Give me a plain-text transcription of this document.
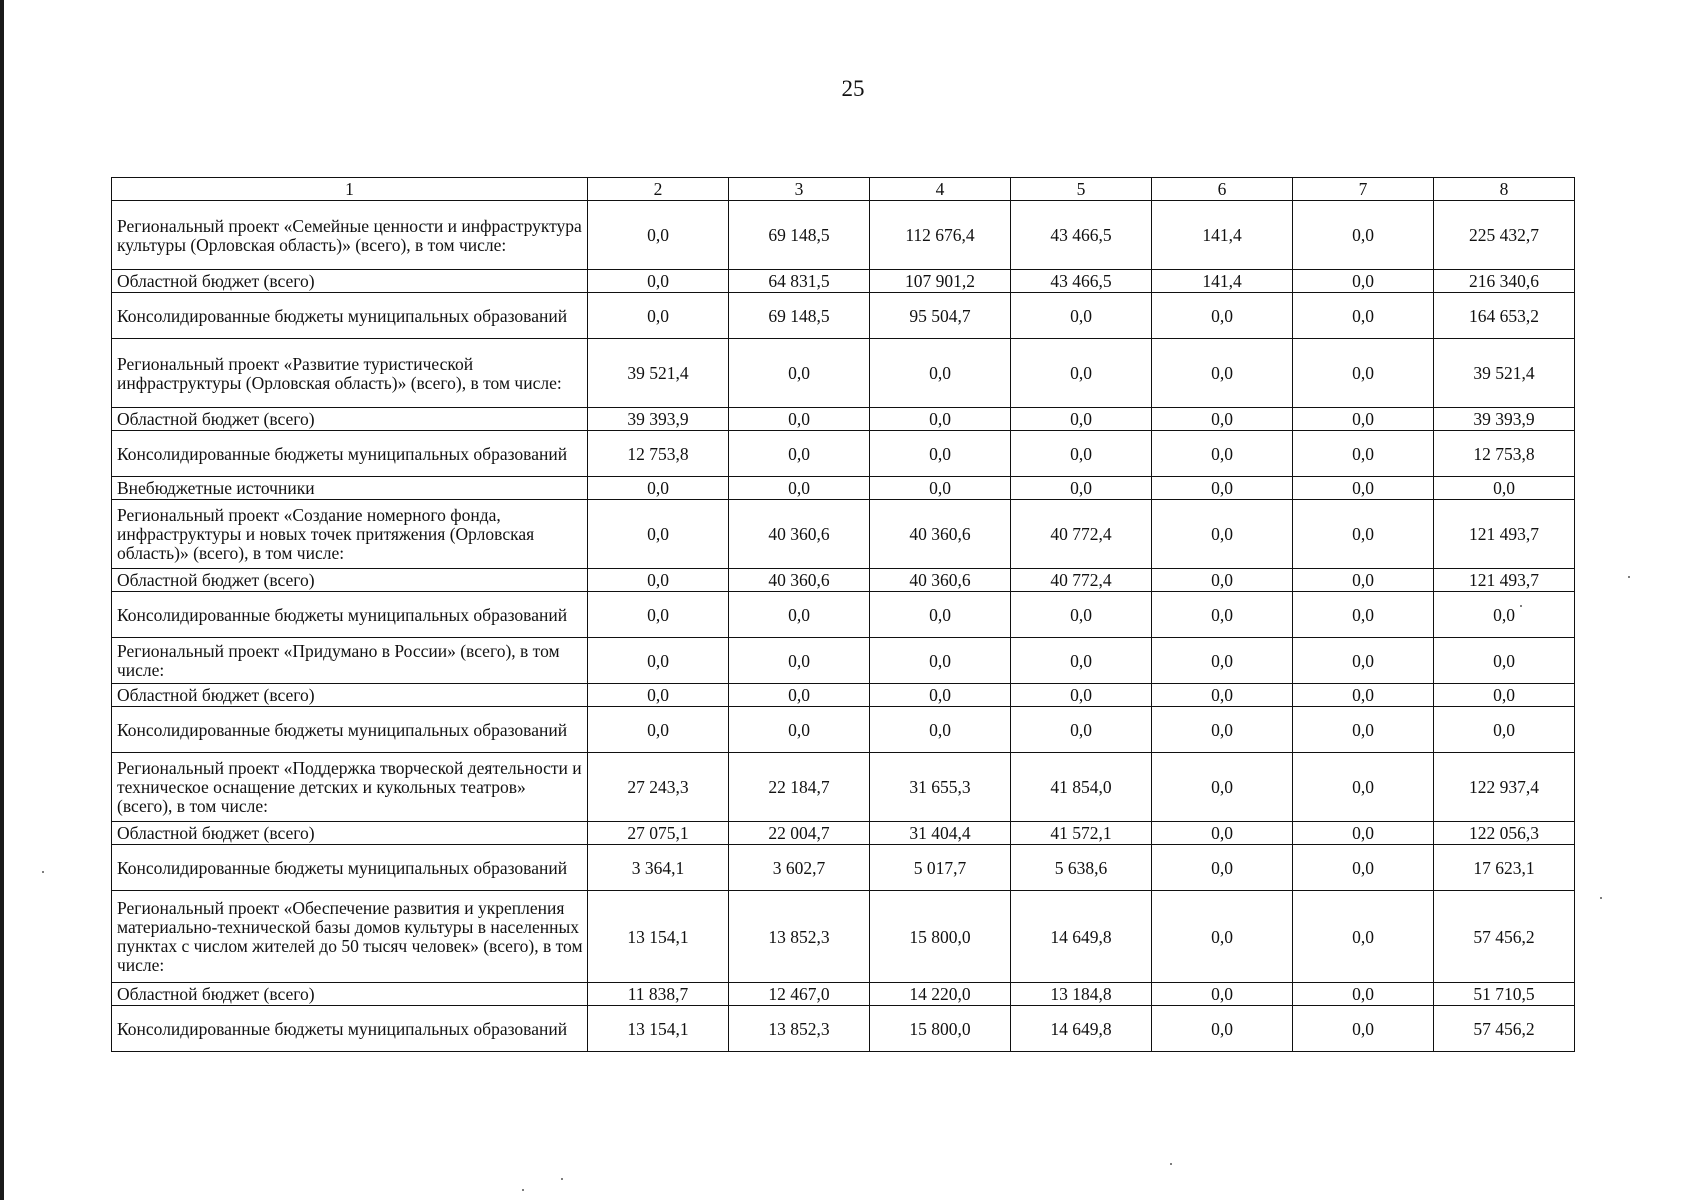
25
1	2	3	4	5	6	7	8
Региональный проект «Семейные ценности и инфраструктура культуры (Орловская область)» (всего), в том числе:	0,0	69 148,5	112 676,4	43 466,5	141,4	0,0	225 432,7
Областной бюджет (всего)	0,0	64 831,5	107 901,2	43 466,5	141,4	0,0	216 340,6
Консолидированные бюджеты муниципальных образований	0,0	69 148,5	95 504,7	0,0	0,0	0,0	164 653,2
Региональный проект «Развитие туристической инфраструктуры (Орловская область)» (всего), в том числе:	39 521,4	0,0	0,0	0,0	0,0	0,0	39 521,4
Областной бюджет (всего)	39 393,9	0,0	0,0	0,0	0,0	0,0	39 393,9
Консолидированные бюджеты муниципальных образований	12 753,8	0,0	0,0	0,0	0,0	0,0	12 753,8
Внебюджетные источники	0,0	0,0	0,0	0,0	0,0	0,0	0,0
Региональный проект «Создание номерного фонда, инфраструктуры и новых точек притяжения (Орловская область)» (всего), в том числе:	0,0	40 360,6	40 360,6	40 772,4	0,0	0,0	121 493,7
Областной бюджет (всего)	0,0	40 360,6	40 360,6	40 772,4	0,0	0,0	121 493,7
Консолидированные бюджеты муниципальных образований	0,0	0,0	0,0	0,0	0,0	0,0	0,0
Региональный проект «Придумано в России» (всего), в том числе:	0,0	0,0	0,0	0,0	0,0	0,0	0,0
Областной бюджет (всего)	0,0	0,0	0,0	0,0	0,0	0,0	0,0
Консолидированные бюджеты муниципальных образований	0,0	0,0	0,0	0,0	0,0	0,0	0,0
Региональный проект «Поддержка творческой деятельности и техническое оснащение детских и кукольных театров» (всего), в том числе:	27 243,3	22 184,7	31 655,3	41 854,0	0,0	0,0	122 937,4
Областной бюджет (всего)	27 075,1	22 004,7	31 404,4	41 572,1	0,0	0,0	122 056,3
Консолидированные бюджеты муниципальных образований	3 364,1	3 602,7	5 017,7	5 638,6	0,0	0,0	17 623,1
Региональный проект «Обеспечение развития и укрепления материально-технической базы домов культуры в населенных пунктах с числом жителей до 50 тысяч человек» (всего), в том числе:	13 154,1	13 852,3	15 800,0	14 649,8	0,0	0,0	57 456,2
Областной бюджет (всего)	11 838,7	12 467,0	14 220,0	13 184,8	0,0	0,0	51 710,5
Консолидированные бюджеты муниципальных образований	13 154,1	13 852,3	15 800,0	14 649,8	0,0	0,0	57 456,2
